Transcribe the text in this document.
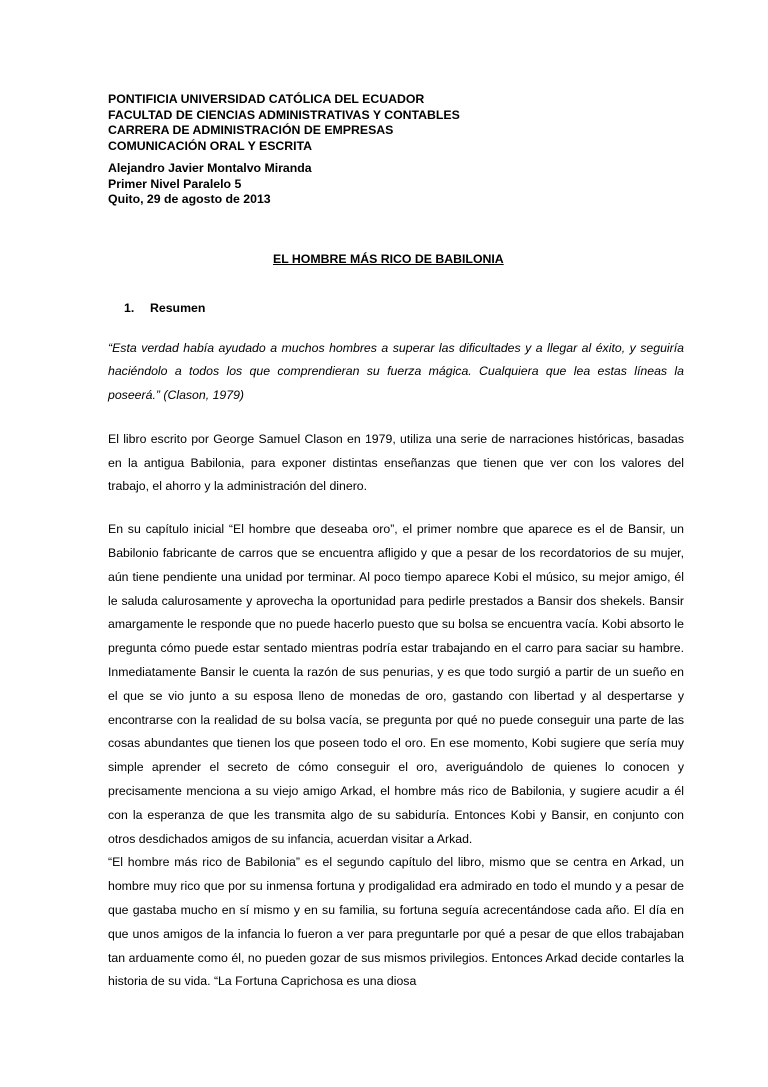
PONTIFICIA UNIVERSIDAD CATÓLICA DEL ECUADOR

FACULTAD DE CIENCIAS ADMINISTRATIVAS Y CONTABLES

CARRERA DE ADMINISTRACIÓN DE EMPRESAS

COMUNICACIÓN ORAL Y ESCRITA

Alejandro Javier Montalvo Miranda

Primer Nivel Paralelo 5

Quito, 29 de agosto de 2013

EL HOMBRE MÁS RICO DE BABILONIA

1.	Resumen

“Esta verdad había ayudado a muchos hombres a superar las dificultades y a llegar al éxito, y seguiría haciéndolo a todos los que comprendieran su fuerza mágica. Cualquiera que lea estas líneas la poseerá.” (Clason, 1979)

El libro escrito por George Samuel Clason en 1979, utiliza una serie de narraciones históricas, basadas en la antigua Babilonia, para exponer distintas enseñanzas que tienen que ver con los valores del trabajo, el ahorro y la administración del dinero.

En su capítulo inicial “El hombre que deseaba oro”, el primer nombre que aparece es el de Bansir, un Babilonio fabricante de carros que se encuentra afligido y que a pesar de los recordatorios de su mujer, aún tiene pendiente una unidad por terminar. Al poco tiempo aparece Kobi el músico, su mejor amigo, él le saluda calurosamente y aprovecha la oportunidad para pedirle prestados a Bansir dos shekels. Bansir amargamente le responde que no puede hacerlo puesto que su bolsa se encuentra vacía. Kobi absorto le pregunta cómo puede estar sentado mientras podría estar trabajando en el carro para saciar su hambre. Inmediatamente Bansir le cuenta la razón de sus penurias, y es que todo surgió a partir de un sueño en el que se vio junto a su esposa lleno de monedas de oro, gastando con libertad y al despertarse y encontrarse con la realidad de su bolsa vacía, se pregunta por qué no puede conseguir una parte de las cosas abundantes que tienen los que poseen todo el oro. En ese momento, Kobi sugiere que sería muy simple aprender el secreto de cómo conseguir el oro, averiguándolo de quienes lo conocen y precisamente menciona a su viejo amigo Arkad, el hombre más rico de Babilonia, y sugiere acudir a él con la esperanza de que les transmita algo de su sabiduría. Entonces Kobi y Bansir, en conjunto con otros desdichados amigos de su infancia, acuerdan visitar a Arkad.

“El hombre más rico de Babilonia” es el segundo capítulo del libro, mismo que se centra en Arkad, un hombre muy rico que por su inmensa fortuna y prodigalidad era admirado en todo el mundo y a pesar de que gastaba mucho en sí mismo y en su familia, su fortuna seguía acrecentándose cada año. El día en que unos amigos de la infancia lo fueron a ver para preguntarle por qué a pesar de que ellos trabajaban tan arduamente como él, no pueden gozar de sus mismos privilegios. Entonces Arkad decide contarles la historia de su vida. “La Fortuna Caprichosa es una diosa
